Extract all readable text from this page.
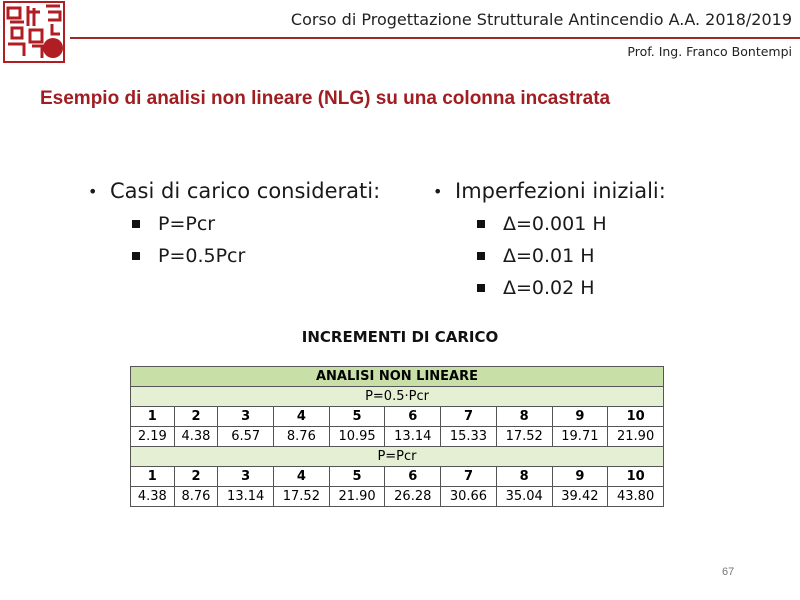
Corso di Progettazione Strutturale Antincendio A.A. 2018/2019
Prof. Ing. Franco Bontempi
Esempio di analisi non lineare (NLG) su una colonna incastrata
• Casi di carico considerati:
P=Pcr
P=0.5Pcr
• Imperfezioni iniziali:
Δ=0.001 H
Δ=0.01 H
Δ=0.02 H
INCREMENTI DI CARICO
ANALISI NON LINEARE									
P=0.5·Pcr									
1	2	3	4	5	6	7	8	9	10
2.19	4.38	6.57	8.76	10.95	13.14	15.33	17.52	19.71	21.90
P=Pcr									
1	2	3	4	5	6	7	8	9	10
4.38	8.76	13.14	17.52	21.90	26.28	30.66	35.04	39.42	43.80
67
